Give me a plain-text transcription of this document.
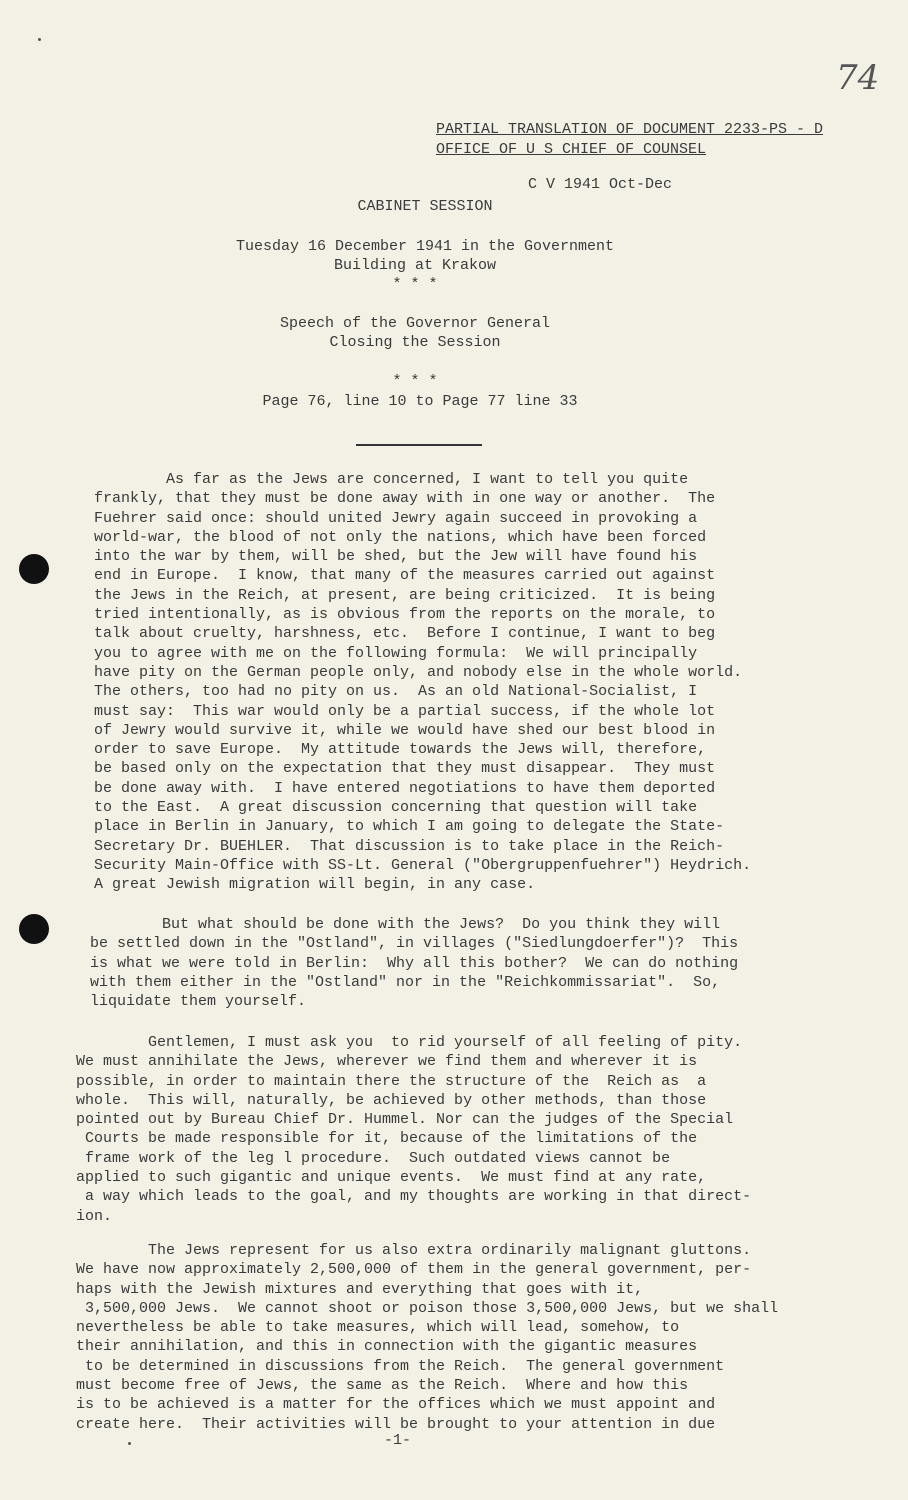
74
PARTIAL TRANSLATION OF DOCUMENT 2233-PS - D
OFFICE OF U S CHIEF OF COUNSEL
C V 1941 Oct-Dec
CABINET SESSION
Tuesday 16 December 1941 in the Government
Building at Krakow
* * *
Speech of the Governor General
Closing the Session
* * *
Page 76, line 10 to Page 77 line 33
As far as the Jews are concerned, I want to tell you quite
frankly, that they must be done away with in one way or another.  The
Fuehrer said once: should united Jewry again succeed in provoking a
world-war, the blood of not only the nations, which have been forced
into the war by them, will be shed, but the Jew will have found his
end in Europe.  I know, that many of the measures carried out against
the Jews in the Reich, at present, are being criticized.  It is being
tried intentionally, as is obvious from the reports on the morale, to
talk about cruelty, harshness, etc.  Before I continue, I want to beg
you to agree with me on the following formula:  We will principally
have pity on the German people only, and nobody else in the whole world.
The others, too had no pity on us.  As an old National-Socialist, I
must say:  This war would only be a partial success, if the whole lot
of Jewry would survive it, while we would have shed our best blood in
order to save Europe.  My attitude towards the Jews will, therefore,
be based only on the expectation that they must disappear.  They must
be done away with.  I have entered negotiations to have them deported
to the East.  A great discussion concerning that question will take
place in Berlin in January, to which I am going to delegate the State-
Secretary Dr. BUEHLER.  That discussion is to take place in the Reich-
Security Main-Office with SS-Lt. General ("Obergruppenfuehrer") Heydrich.
A great Jewish migration will begin, in any case.
But what should be done with the Jews?  Do you think they will
be settled down in the "Ostland", in villages ("Siedlungdoerfer")?  This
is what we were told in Berlin:  Why all this bother?  We can do nothing
with them either in the "Ostland" nor in the "Reichkommissariat".  So,
liquidate them yourself.
Gentlemen, I must ask you  to rid yourself of all feeling of pity.
We must annihilate the Jews, wherever we find them and wherever it is
possible, in order to maintain there the structure of the  Reich as  a
whole.  This will, naturally, be achieved by other methods, than those
pointed out by Bureau Chief Dr. Hummel. Nor can the judges of the Special
Courts be made responsible for it, because of the limitations of the
frame work of the leg l procedure.  Such outdated views cannot be
applied to such gigantic and unique events.  We must find at any rate,
a way which leads to the goal, and my thoughts are working in that direct-
ion.
The Jews represent for us also extra ordinarily malignant gluttons.
We have now approximately 2,500,000 of them in the general government, per-
haps with the Jewish mixtures and everything that goes with it,
3,500,000 Jews.  We cannot shoot or poison those 3,500,000 Jews, but we shall
nevertheless be able to take measures, which will lead, somehow, to
their annihilation, and this in connection with the gigantic measures
to be determined in discussions from the Reich.  The general government
must become free of Jews, the same as the Reich.  Where and how this
is to be achieved is a matter for the offices which we must appoint and
create here.  Their activities will be brought to your attention in due
-1-
